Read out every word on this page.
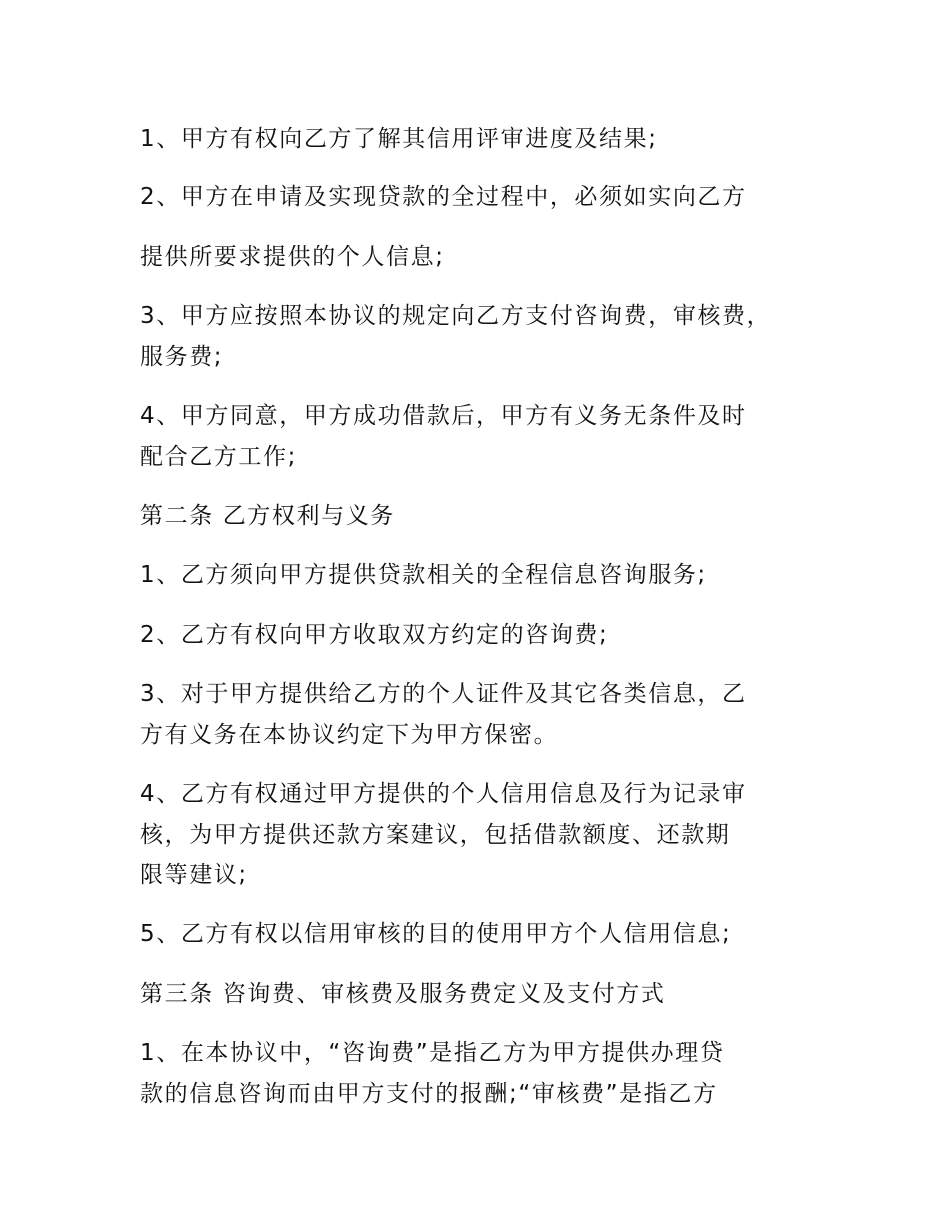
1、甲方有权向乙方了解其信用评审进度及结果;
2、甲方在申请及实现贷款的全过程中，必须如实向乙方
提供所要求提供的个人信息;
3、甲方应按照本协议的规定向乙方支付咨询费，审核费，
服务费;
4、甲方同意，甲方成功借款后，甲方有义务无条件及时
配合乙方工作;
第二条 乙方权利与义务
1、乙方须向甲方提供贷款相关的全程信息咨询服务;
2、乙方有权向甲方收取双方约定的咨询费;
3、对于甲方提供给乙方的个人证件及其它各类信息，乙
方有义务在本协议约定下为甲方保密。
4、乙方有权通过甲方提供的个人信用信息及行为记录审
核，为甲方提供还款方案建议，包括借款额度、还款期
限等建议;
5、乙方有权以信用审核的目的使用甲方个人信用信息;
第三条 咨询费、审核费及服务费定义及支付方式
1、在本协议中，“咨询费”是指乙方为甲方提供办理贷
款的信息咨询而由甲方支付的报酬;“审核费”是指乙方
